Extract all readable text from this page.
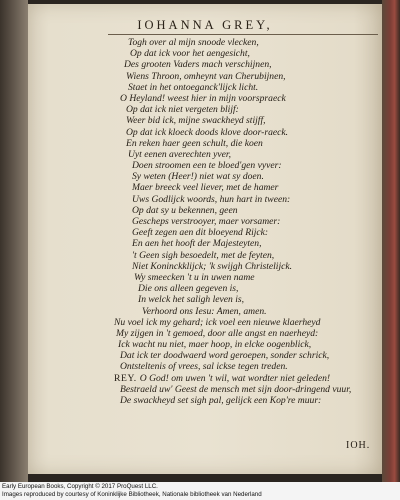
IOHANNA GREY,
Togh over al mijn snoode vlecken,
Op dat ick voor het aengesicht,
Des grooten Vaders mach verschijnen,
Wiens Throon, omheynt van Cherubijnen,
Staet in het ontoeganck'lijck licht.
O Heyland! weest hier in mijn voorspraeck
Op dat ick niet vergeten blijf:
Weer bid ick, mijne swackheyd stijff,
Op dat ick kloeck doods klove door-raeck.
En reken haer geen schult, die koen
Uyt eenen averechten yver,
Doen stroomen een te bloed'gen vyver:
Sy weten (Heer!) niet wat sy doen.
Maer breeck veel liever, met de hamer
Uws Godlijck woords, hun hart in tween:
Op dat sy u bekennen, geen
Gescheps verstrooyer, maer vorsamer:
Geeft zegen aen dit bloeyend Rijck:
En aen het hooft der Majesteyten,
't Geen sigh besoedelt, met de feyten,
Niet Koninckklijck; 'k swijgh Christelijck.
Wy smeecken 't u in uwen name
Die ons alleen gegeven is,
In welck het saligh leven is,
Verhoord ons Iesu: Amen, amen.
Nu voel ick my gehard; ick voel een nieuwe klaerheyd
My zijgen in 't gemoed, door alle angst en naerheyd:
Ick wacht nu niet, maer hoop, in elcke oogenblick,
Dat ick ter doodwaerd word geroepen, sonder schrick,
Ontsteltenis of vrees, sal ickse tegen treden.
REY. O God! om uwen 't wil, wat wordter niet geleden!
Bestraeld uw' Geest de mensch met sijn door-dringend vuur,
De swackheyd set sigh pal, gelijck een Kop're muur:
IOH.
Early European Books, Copyright © 2017 ProQuest LLC.
Images reproduced by courtesy of Koninklijke Bibliotheek, Nationale bibliotheek van Nederland
